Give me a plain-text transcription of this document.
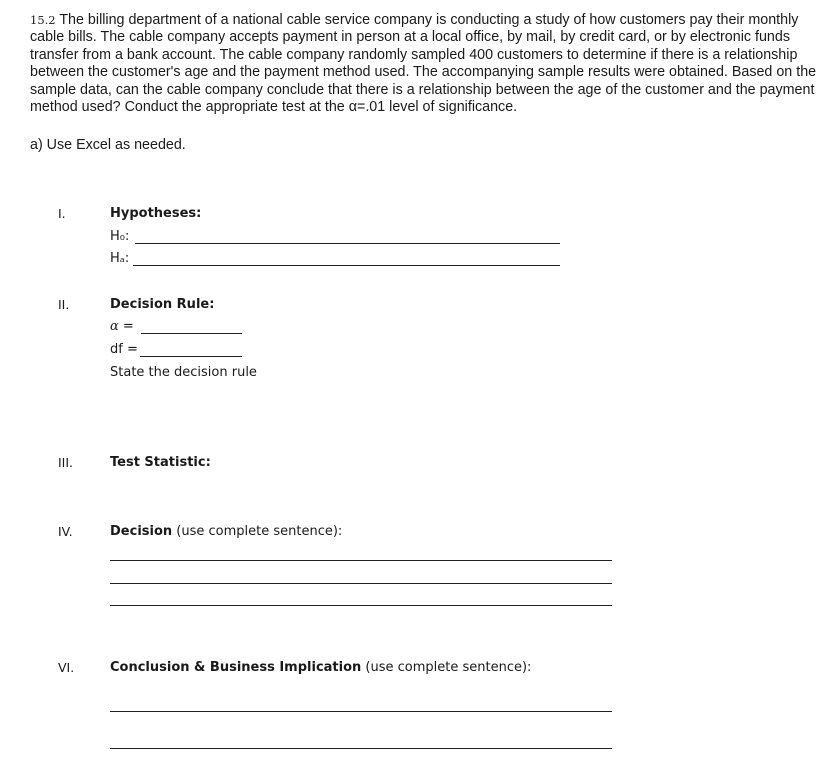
15.2 The billing department of a national cable service company is conducting a study of how customers pay their monthly cable bills. The cable company accepts payment in person at a local office, by mail, by credit card, or by electronic funds transfer from a bank account. The cable company randomly sampled 400 customers to determine if there is a relationship between the customer's age and the payment method used. The accompanying sample results were obtained. Based on the sample data, can the cable company conclude that there is a relationship between the age of the customer and the payment method used? Conduct the appropriate test at the α=.01 level of significance.
a) Use Excel as needed.
I.	Hypotheses:
H₀:
Hₐ:
II.	Decision Rule:
α =
df =
State the decision rule
III.	Test Statistic:
IV.	Decision (use complete sentence):
VI.	Conclusion & Business Implication (use complete sentence):
